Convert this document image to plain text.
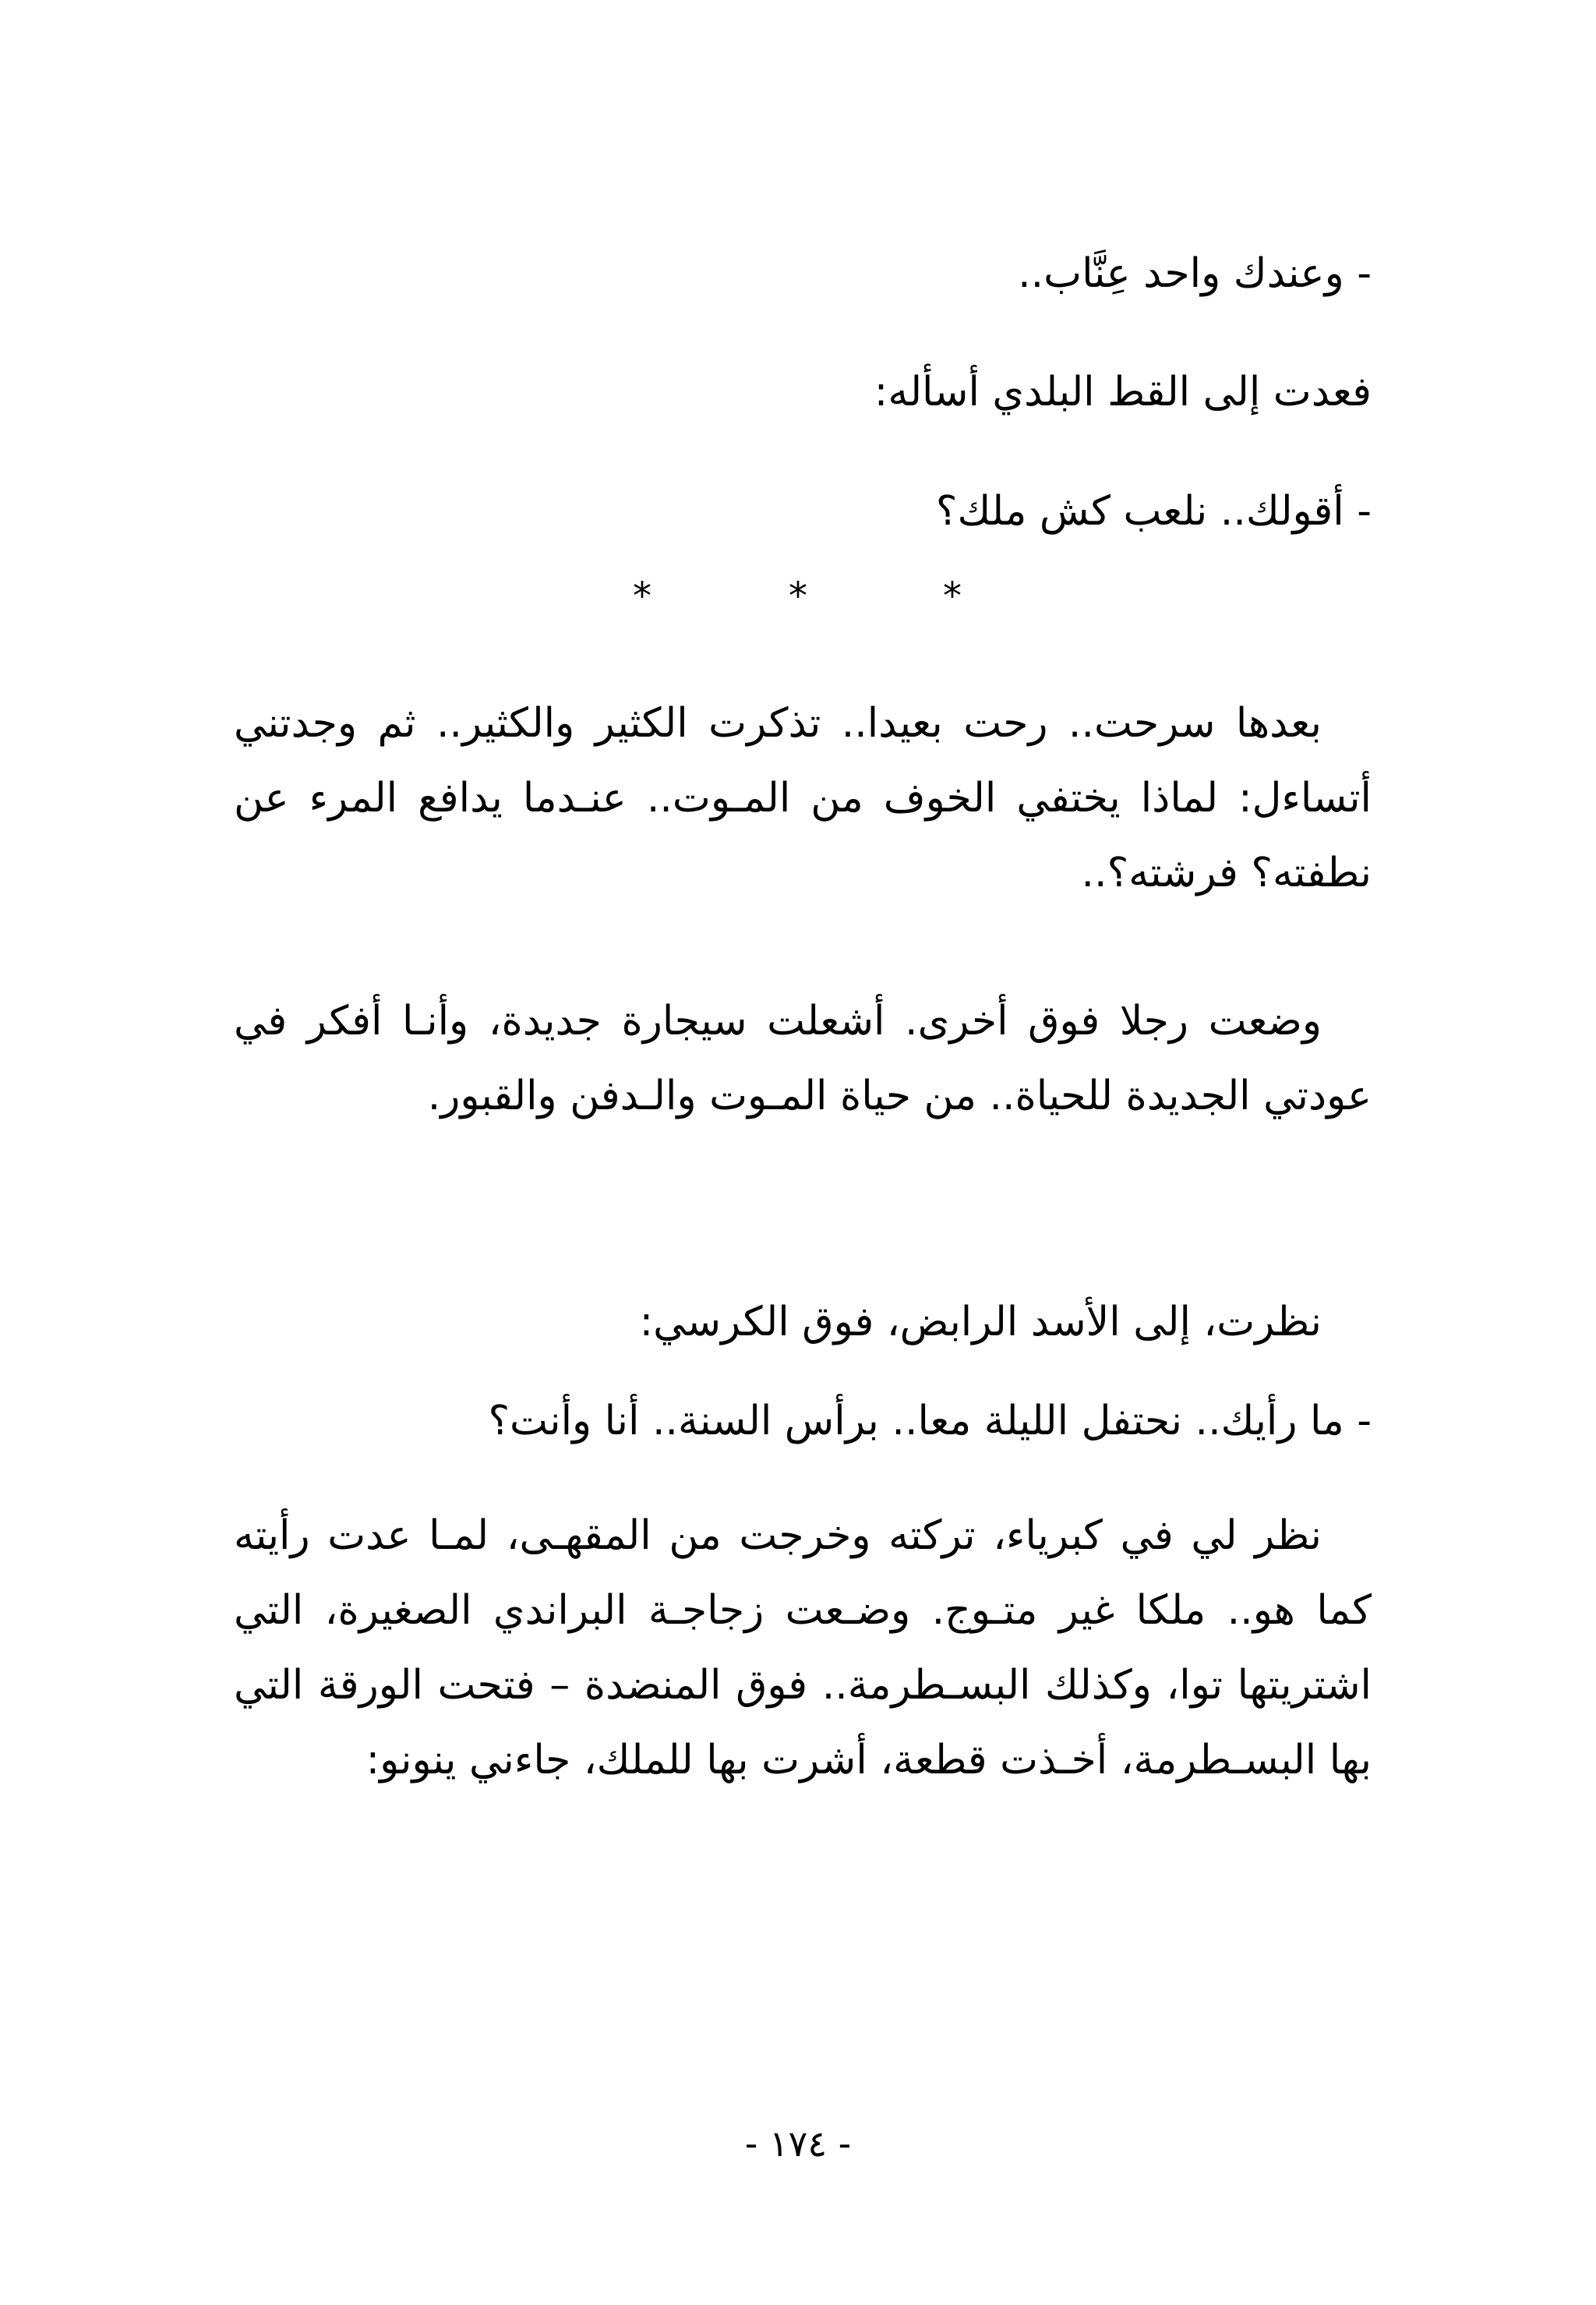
- وعندك واحد عِنَّاب..
فعدت إلى القط البلدي أسأله:
- أقولك.. نلعب كش ملك؟
*	*	*

بعدها سرحت.. رحت بعيدا.. تذكرت الكثير والكثير.. ثم وجدتني أتساءل: لماذا يختفي الخوف من المـوت.. عنـدما يدافع المرء عن نطفته؟ فرشته؟..

وضعت رجلا فوق أخرى. أشعلت سيجارة جديدة، وأنـا أفكر في عودتي الجديدة للحياة.. من حياة المـوت والـدفن والقبور.

نظرت، إلى الأسد الرابض، فوق الكرسي:

- ما رأيك.. نحتفل الليلة معا.. برأس السنة.. أنا وأنت؟

نظر لي في كبرياء، تركته وخرجت من المقهـى، لمـا عدت رأيته كما هو.. ملكا غير متـوج. وضـعت زجاجـة البراندي الصغيرة، التي اشتريتها توا، وكذلك البسـطرمة.. فوق المنضدة – فتحت الورقة التي بها البسـطرمة، أخـذت قطعة، أشرت بها للملك، جاءني ينونو:

- ١٧٤ -
